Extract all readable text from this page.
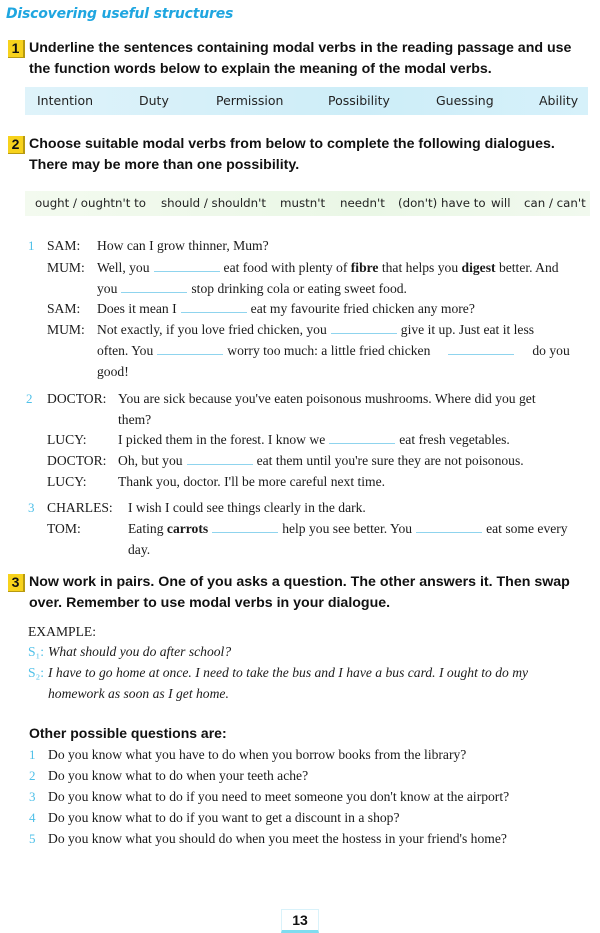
Discovering useful structures
1 Underline the sentences containing modal verbs in the reading passage and use
the function words below to explain the meaning of the modal verbs.
Intention	Duty	Permission	Possibility	Guessing	Ability
2 Choose suitable modal verbs from below to complete the following dialogues.
There may be more than one possibility.
ought / oughtn't to should / shouldn't mustn't needn't (don't) have to will can / can't
1 SAM: How can I grow thinner, Mum?
MUM: Well, you	eat food with plenty of fibre that helps you digest better. And
you	stop drinking cola or eating sweet food.
SAM: Does it mean I	eat my favourite fried chicken any more?
MUM: Not exactly, if you love fried chicken, you	give it up. Just eat it less
often. You	worry too much: a little fried chicken	do you
good!
2 DOCTOR: You are sick because you've eaten poisonous mushrooms. Where did you get
them?
LUCY: I picked them in the forest. I know we	eat fresh vegetables.
DOCTOR: Oh, but you	eat them until you're sure they are not poisonous.
LUCY: Thank you, doctor. I'll be more careful next time.
3 CHARLES: I wish I could see things clearly in the dark.
TOM:	Eating carrots	help you see better. You	eat some every
day.
3 Now work in pairs. One of you asks a question. The other answers it. Then swap
over. Remember to use modal verbs in your dialogue.
EXAMPLE:
S₁: What should you do after school?
S₂: I have to go home at once. I need to take the bus and I have a bus card. I ought to do my
homework as soon as I get home.
Other possible questions are:
1 Do you know what you have to do when you borrow books from the library?
2 Do you know what to do when your teeth ache?
3 Do you know what to do if you need to meet someone you don't know at the airport?
4 Do you know what to do if you want to get a discount in a shop?
5 Do you know what you should do when you meet the hostess in your friend's home?
13
